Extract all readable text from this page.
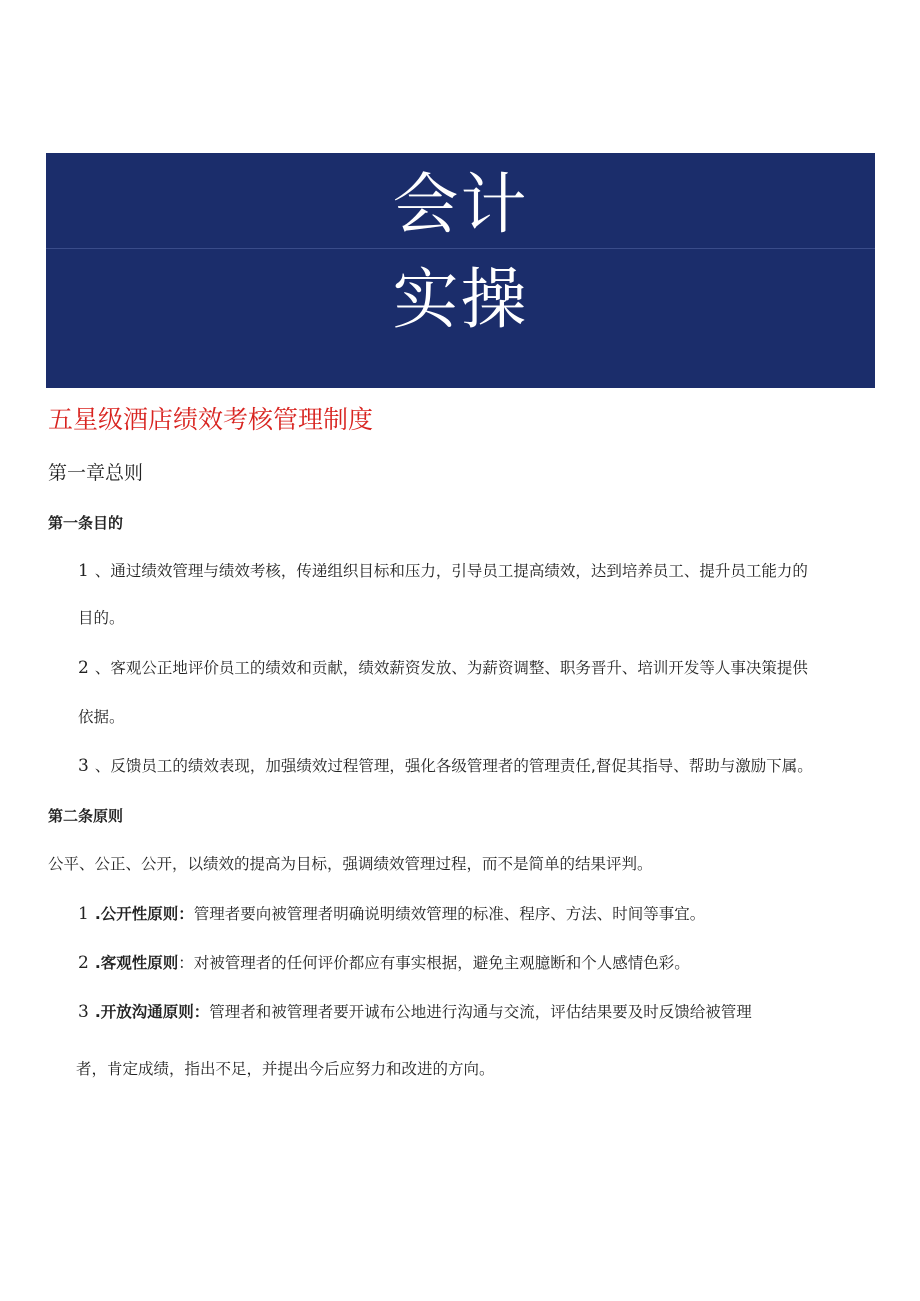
会计
实操
五星级酒店绩效考核管理制度
第一章总则
第一条目的
1 、通过绩效管理与绩效考核，传递组织目标和压力，引导员工提高绩效，达到培养员工、提升员工能力的
目的。
2 、客观公正地评价员工的绩效和贡献，绩效薪资发放、为薪资调整、职务晋升、培训开发等人事决策提供
依据。
3 、反馈员工的绩效表现，加强绩效过程管理，强化各级管理者的管理责任,督促其指导、帮助与激励下属。
第二条原则
公平、公正、公开，以绩效的提高为目标，强调绩效管理过程，而不是简单的结果评判。
1 .公开性原则：管理者要向被管理者明确说明绩效管理的标准、程序、方法、时间等事宜。
2 .客观性原则：对被管理者的任何评价都应有事实根据，避免主观臆断和个人感情色彩。
3 .开放沟通原则：管理者和被管理者要开诚布公地进行沟通与交流，评估结果要及时反馈给被管理
者，肯定成绩，指出不足，并提出今后应努力和改进的方向。
